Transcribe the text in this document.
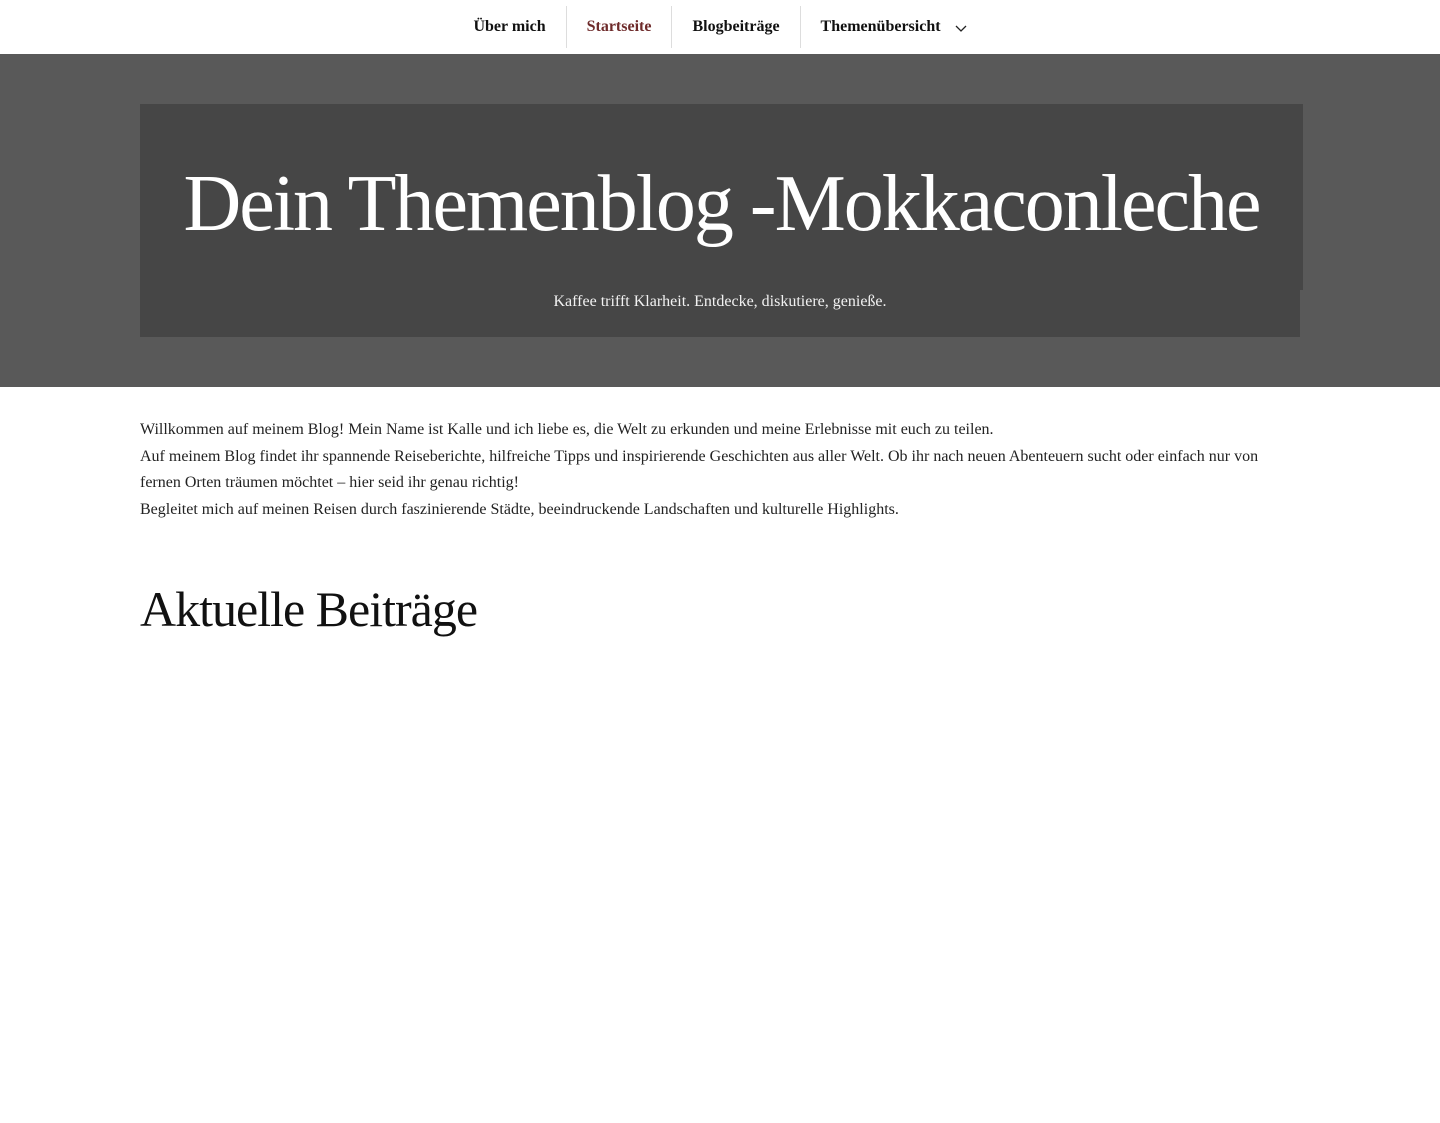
Über mich	Startseite	Blogbeiträge	Themenübersicht
Dein Themenblog -Mokkaconleche

Kaffee trifft Klarheit. Entdecke, diskutiere, genieße.

Willkommen auf meinem Blog! Mein Name ist Kalle und ich liebe es, die Welt zu erkunden und meine Erlebnisse mit euch zu teilen.

Auf meinem Blog findet ihr spannende Reiseberichte, hilfreiche Tipps und inspirierende Geschichten aus aller Welt. Ob ihr nach neuen Abenteuern sucht oder einfach nur von fernen Orten träumen möchtet – hier seid ihr genau richtig!

Begleitet mich auf meinen Reisen durch faszinierende Städte, beeindruckende Landschaften und kulturelle Highlights.

Aktuelle Beiträge
